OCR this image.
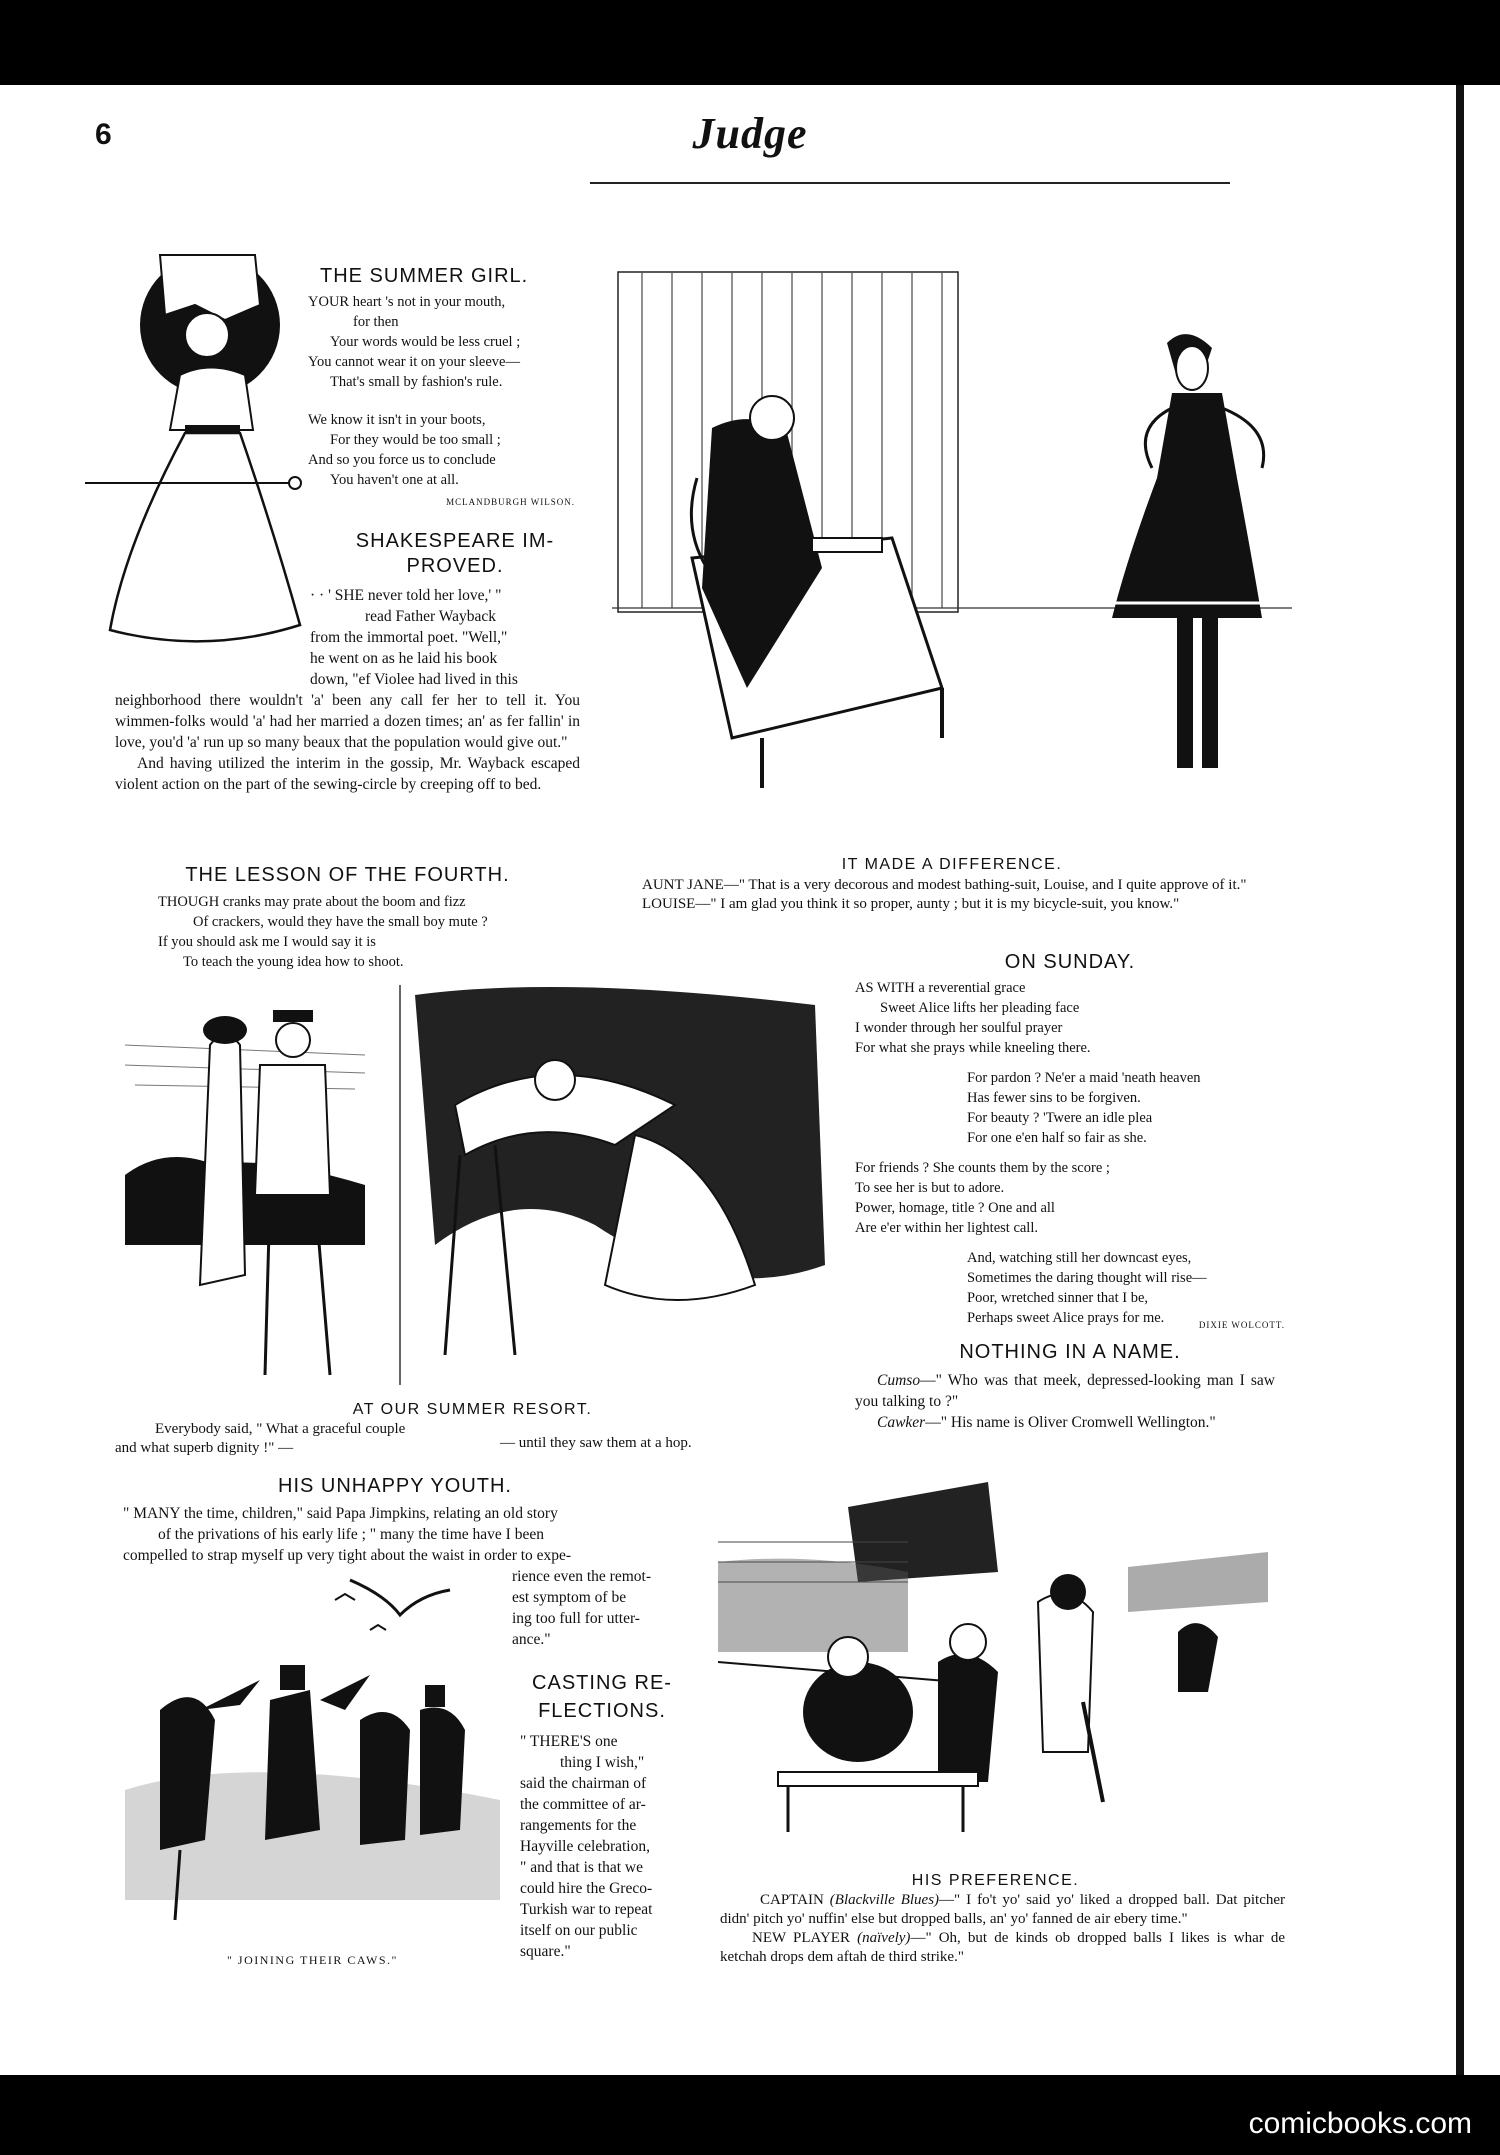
6	Judge
THE SUMMER GIRL.
YOUR heart 's not in your mouth,
for then
Your words would be less cruel ;
You cannot wear it on your sleeve—
That's small by fashion's rule.
We know it isn't in your boots,
For they would be too small ;
And so you force us to conclude
You haven't one at all.
MCLANDBURGH WILSON.
SHAKESPEARE IM-
PROVED.
· · ' SHE never told her love,' "
read Father Wayback
from the immortal poet. "Well,"
he went on as he laid his book
down, "ef Violee had lived in this

neighborhood there wouldn't 'a' been any call fer her to tell it. You wimmen-folks would 'a' had her married a dozen times; an' as fer fallin' in love, you'd 'a' run up so many beaux that the population would give out."

And having utilized the interim in the gossip, Mr. Wayback escaped violent action on the part of the sewing-circle by creeping off to bed.

THE LESSON OF THE FOURTH.
THOUGH cranks may prate about the boom and fizz
Of crackers, would they have the small boy mute ?
If you should ask me I would say it is
To teach the young idea how to shoot.
IT MADE A DIFFERENCE.
AUNT JANE—" That is a very decorous and modest bathing-suit, Louise, and I quite approve of it."
LOUISE—" I am glad you think it so proper, aunty ; but it is my bicycle-suit, you know."
AT OUR SUMMER RESORT.
Everybody said, " What a graceful couple and what superb dignity !" —	— until they saw them at a hop.
ON SUNDAY.
AS WITH a reverential grace
Sweet Alice lifts her pleading face
I wonder through her soulful prayer
For what she prays while kneeling there.
For pardon ? Ne'er a maid 'neath heaven
Has fewer sins to be forgiven.
For beauty ? 'Twere an idle plea
For one e'en half so fair as she.
For friends ? She counts them by the score ;
To see her is but to adore.
Power, homage, title ? One and all
Are e'er within her lightest call.
And, watching still her downcast eyes,
Sometimes the daring thought will rise—
Poor, wretched sinner that I be,
Perhaps sweet Alice prays for me.	DIXIE WOLCOTT.
NOTHING IN A NAME.

Cumso—" Who was that meek, depressed-looking man I saw you talking to ?"

Cawker—" His name is Oliver Cromwell Wellington."

HIS UNHAPPY YOUTH.
" MANY the time, children," said Papa Jimpkins, relating an old story
of the privations of his early life ; " many the time have I been
compelled to strap myself up very tight about the waist in order to expe-
rience even the remot-
est symptom of be
ing too full for utter-
ance."
" JOINING THEIR CAWS."
CASTING RE-
FLECTIONS.
" THERE'S one
thing I wish,"
said the chairman of
the committee of ar-
rangements for the
Hayville celebration,
" and that is that we
could hire the Greco-
Turkish war to repeat
itself on our public
square."
HIS PREFERENCE.
CAPTAIN (Blackville Blues)—" I fo't yo' said yo' liked a dropped ball. Dat pitcher didn' pitch yo' nuffin' else but dropped balls, an' yo' fanned de air ebery time."
NEW PLAYER (naïvely)—" Oh, but de kinds ob dropped balls I likes is whar de ketchah drops dem aftah de third strike."
comicbooks.com
